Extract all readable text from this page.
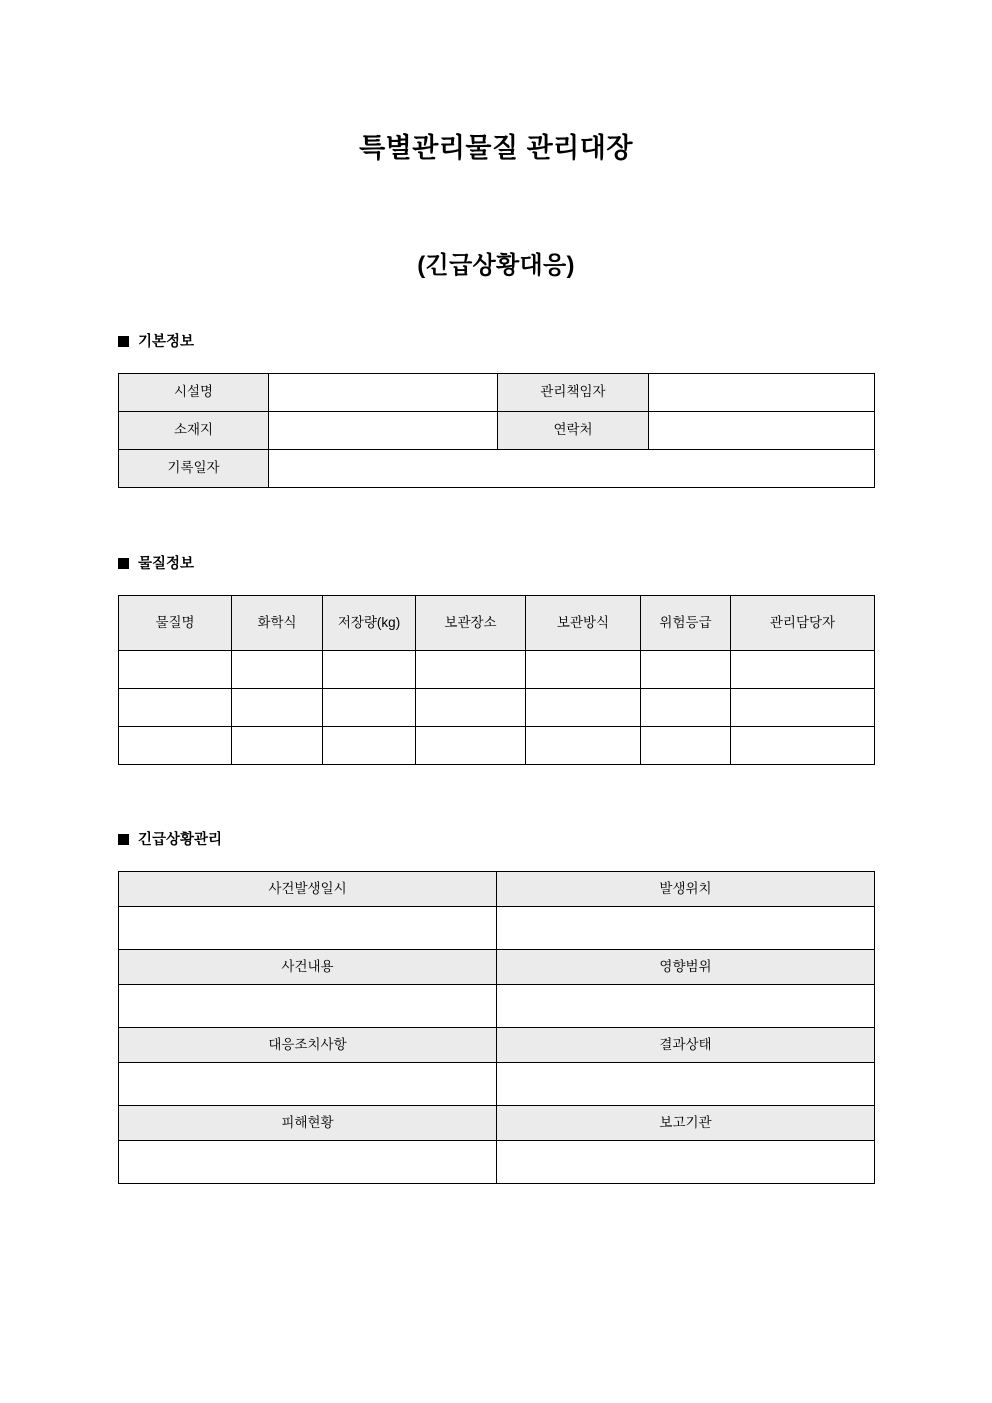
특별관리물질 관리대장
(긴급상황대응)
기본정보
시설명		관리책임자	
소재지		연락처	
기록일자			
물질정보
물질명	화학식	저장량(kg)	보관장소	보관방식	위험등급	관리담당자

긴급상황관리
사건발생일시	발생위치

사건내용	영향범위

대응조치사항	결과상태

피해현황	보고기관
